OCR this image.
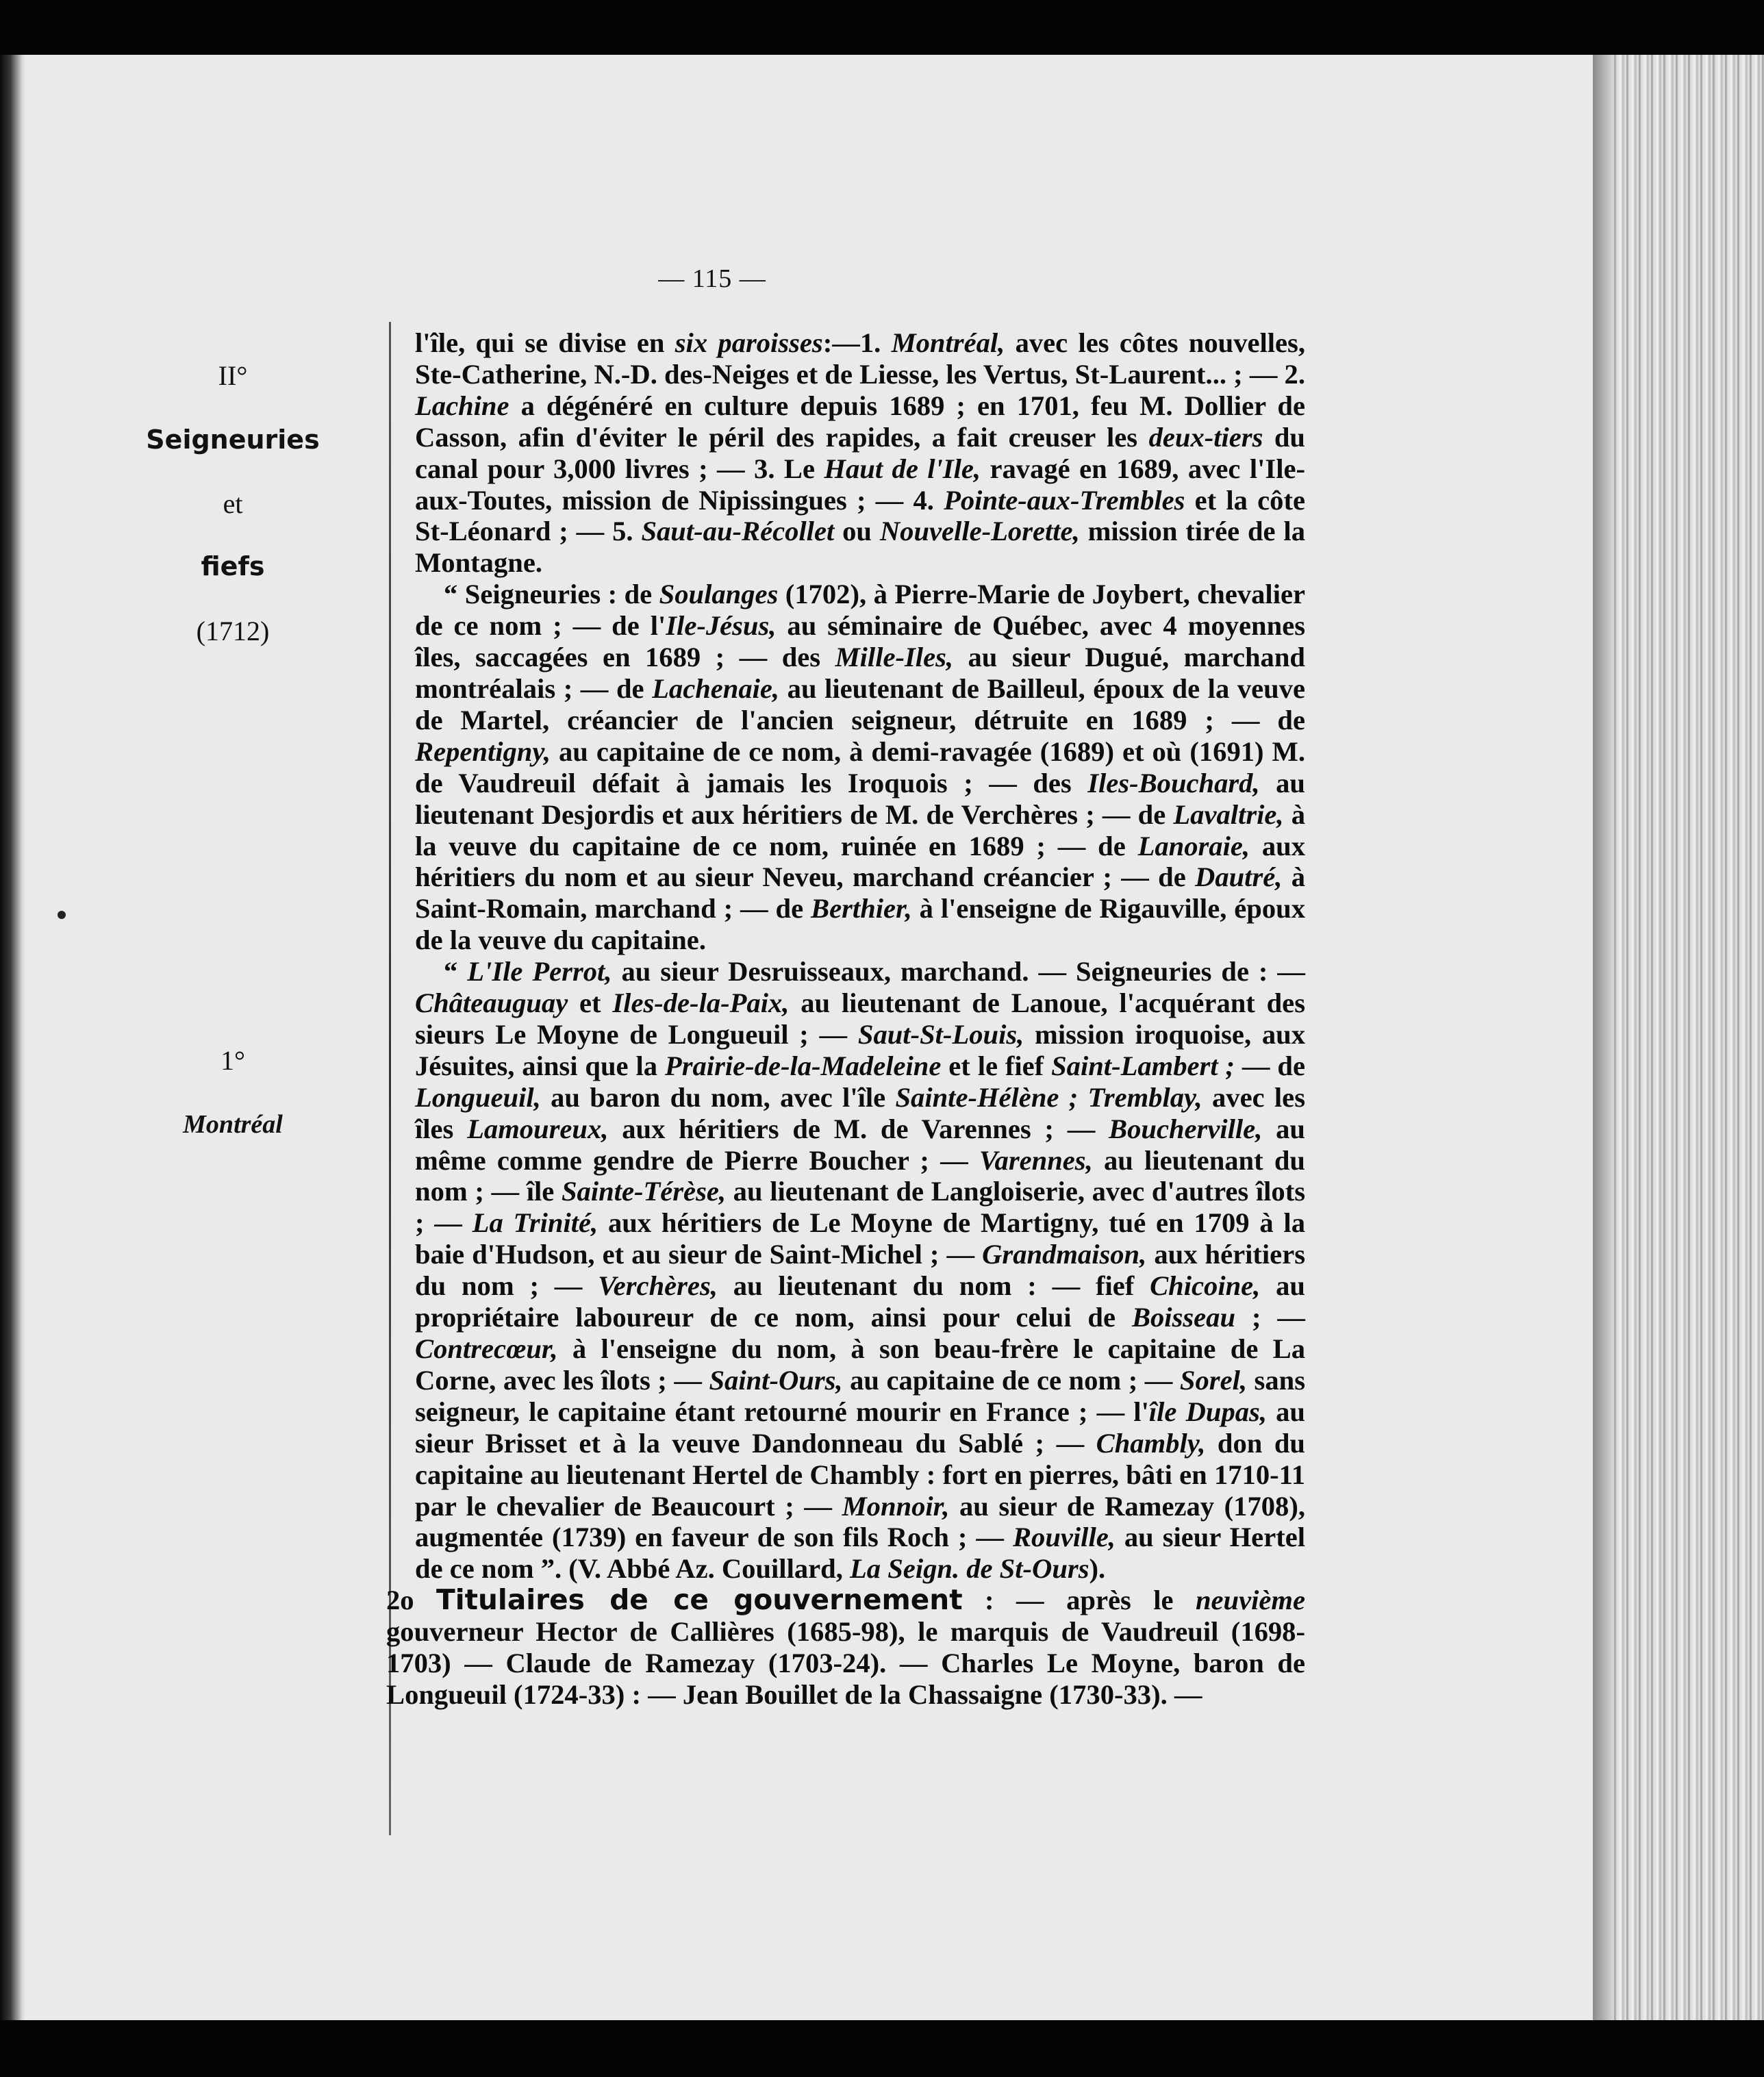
— 115 —
II°
Seigneuries
et
fiefs
(1712)
1°
Montréal

l'île, qui se divise en six paroisses:—1. Montréal, avec les côtes nouvelles, Ste-Catherine, N.-D. des-Neiges et de Liesse, les Vertus, St-Laurent... ; — 2. Lachine a dégénéré en culture depuis 1689 ; en 1701, feu M. Dollier de Casson, afin d'éviter le péril des rapides, a fait creuser les deux-tiers du canal pour 3,000 livres ; — 3. Le Haut de l'Ile, ravagé en 1689, avec l'Ile-aux-Toutes, mission de Nipissingues ; — 4. Pointe-aux-Trembles et la côte St-Léonard ; — 5. Saut-au-Récollet ou Nouvelle-Lorette, mission tirée de la Montagne.

“ Seigneuries : de Soulanges (1702), à Pierre-Marie de Joybert, chevalier de ce nom ; — de l'Ile-Jésus, au séminaire de Québec, avec 4 moyennes îles, saccagées en 1689 ; — des Mille-Iles, au sieur Dugué, marchand montréalais ; — de Lachenaie, au lieutenant de Bailleul, époux de la veuve de Martel, créancier de l'ancien seigneur, détruite en 1689 ; — de Repentigny, au capitaine de ce nom, à demi-ravagée (1689) et où (1691) M. de Vaudreuil défait à jamais les Iroquois ; — des Iles-Bouchard, au lieutenant Desjordis et aux héritiers de M. de Verchères ; — de Lavaltrie, à la veuve du capitaine de ce nom, ruinée en 1689 ; — de Lanoraie, aux héritiers du nom et au sieur Neveu, marchand créancier ; — de Dautré, à Saint-Romain, marchand ; — de Berthier, à l'enseigne de Rigauville, époux de la veuve du capitaine.

“ L'Ile Perrot, au sieur Desruisseaux, marchand. — Seigneuries de : —Châteauguay et Iles-de-la-Paix, au lieutenant de Lanoue, l'acquérant des sieurs Le Moyne de Longueuil ; — Saut-St-Louis, mission iroquoise, aux Jésuites, ainsi que la Prairie-de-la-Madeleine et le fief Saint-Lambert ; — de Longueuil, au baron du nom, avec l'île Sainte-Hélène ; Tremblay, avec les îles Lamoureux, aux héritiers de M. de Varennes ; — Boucherville, au même comme gendre de Pierre Boucher ; — Varennes, au lieutenant du nom ; — île Sainte-Térèse, au lieutenant de Langloiserie, avec d'autres îlots ; — La Trinité, aux héritiers de Le Moyne de Martigny, tué en 1709 à la baie d'Hudson, et au sieur de Saint-Michel ; — Grandmaison, aux héritiers du nom ; — Verchères, au lieutenant du nom : — fief Chicoine, au propriétaire laboureur de ce nom, ainsi pour celui de Boisseau ; — Contrecœur, à l'enseigne du nom, à son beau-frère le capitaine de La Corne, avec les îlots ; — Saint-Ours, au capitaine de ce nom ; — Sorel, sans seigneur, le capitaine étant retourné mourir en France ; — l'île Dupas, au sieur Brisset et à la veuve Dandonneau du Sablé ; — Chambly, don du capitaine au lieutenant Hertel de Chambly : fort en pierres, bâti en 1710-11 par le chevalier de Beaucourt ; — Monnoir, au sieur de Ramezay (1708), augmentée (1739) en faveur de son fils Roch ; — Rouville, au sieur Hertel de ce nom ”. (V. Abbé Az. Couillard, La Seign. de St-Ours).

2o Titulaires de ce gouvernement : — après le neuvième gouverneur Hector de Callières (1685-98), le marquis de Vaudreuil (1698-1703) — Claude de Ramezay (1703-24). — Charles Le Moyne, baron de Longueuil (1724-33) : — Jean Bouillet de la Chassaigne (1730-33). —
